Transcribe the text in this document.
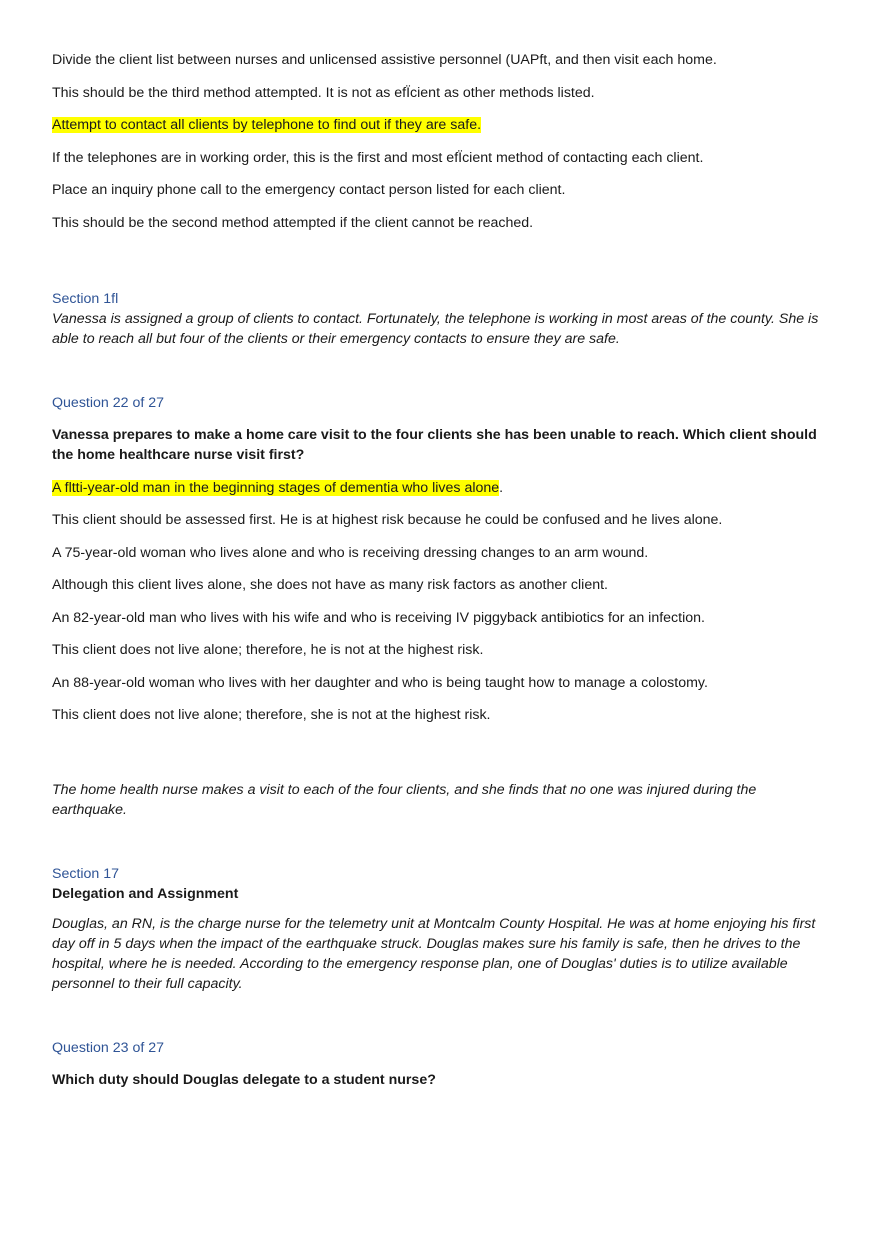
Divide the client list between nurses and unlicensed assistive personnel (UAPft, and then visit each home.

This should be the third method attempted. It is not as efÏcient as other methods listed.

Attempt to contact all clients by telephone to find out if they are safe.

If the telephones are in working order, this is the first and most efÏcient method of contacting each client.

Place an inquiry phone call to the emergency contact person listed for each client.

This should be the second method attempted if the client cannot be reached.

Section 1fl

Vanessa is assigned a group of clients to contact. Fortunately, the telephone is working in most areas of the county. She is able to reach all but four of the clients or their emergency contacts to ensure they are safe.

Question 22 of 27

Vanessa prepares to make a home care visit to the four clients she has been unable to reach. Which client should the home healthcare nurse visit first?

A fltti-year-old man in the beginning stages of dementia who lives alone.

This client should be assessed first. He is at highest risk because he could be confused and he lives alone.

A 75-year-old woman who lives alone and who is receiving dressing changes to an arm wound.

Although this client lives alone, she does not have as many risk factors as another client.

An 82-year-old man who lives with his wife and who is receiving IV piggyback antibiotics for an infection.

This client does not live alone; therefore, he is not at the highest risk.

An 88-year-old woman who lives with her daughter and who is being taught how to manage a colostomy.

This client does not live alone; therefore, she is not at the highest risk.

The home health nurse makes a visit to each of the four clients, and she finds that no one was injured during the earthquake.

Section 17

Delegation and Assignment

Douglas, an RN, is the charge nurse for the telemetry unit at Montcalm County Hospital. He was at home enjoying his first day off in 5 days when the impact of the earthquake struck. Douglas makes sure his family is safe, then he drives to the hospital, where he is needed. According to the emergency response plan, one of Douglas' duties is to utilize available personnel to their full capacity.

Question 23 of 27

Which duty should Douglas delegate to a student nurse?
